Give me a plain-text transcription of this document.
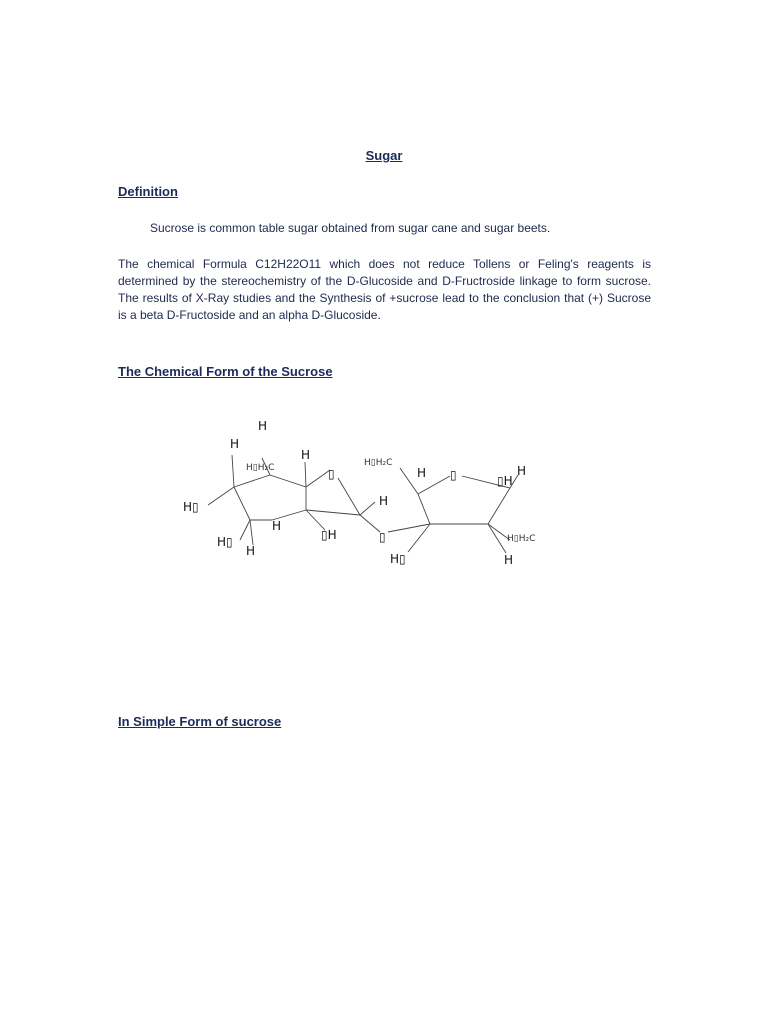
Sugar
Definition
Sucrose is common table sugar obtained from sugar cane and sugar beets.
The chemical Formula C12H22O11 which does not reduce Tollens or Feling's reagents is determined by the stereochemistry of the D-Glucoside and D-Fructroside linkage to form sucrose. The results of X-Ray studies and the Synthesis of +sucrose lead to the conclusion that (+) Sucrose is a beta D-Fructoside and an alpha D-Glucoside.
The Chemical Form of the Sucrose
H
H
H▯H₂C
H
▯
H▯H₂C
H ▯	▯H
H
H▯	H
H
H▯
H
▯H	▯	H▯H₂C
H▯	H
In Simple Form of sucrose
